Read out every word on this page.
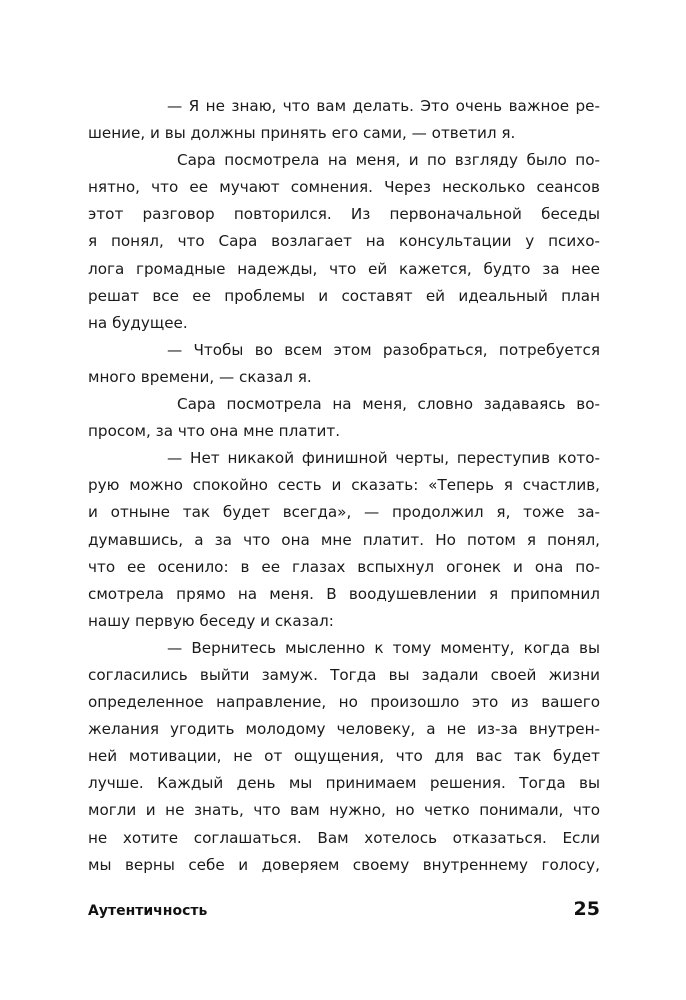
— Я не знаю, что вам делать. Это очень важное ре-
шение, и вы должны принять его сами, — ответил я.
Сара посмотрела на меня, и по взгляду было по-
нятно, что ее мучают сомнения. Через несколько сеансов
этот разговор повторился. Из первоначальной беседы
я понял, что Сара возлагает на консультации у психо-
лога громадные надежды, что ей кажется, будто за нее
решат все ее проблемы и составят ей идеальный план
на будущее.
— Чтобы во всем этом разобраться, потребуется
много времени, — сказал я.
Сара посмотрела на меня, словно задаваясь во-
просом, за что она мне платит.
— Нет никакой финишной черты, переступив кото-
рую можно спокойно сесть и сказать: «Теперь я счастлив,
и отныне так будет всегда», — продолжил я, тоже за-
думавшись, а за что она мне платит. Но потом я понял,
что ее осенило: в ее глазах вспыхнул огонек и она по-
смотрела прямо на меня. В воодушевлении я припомнил
нашу первую беседу и сказал:
— Вернитесь мысленно к тому моменту, когда вы
согласились выйти замуж. Тогда вы задали своей жизни
определенное направление, но произошло это из вашего
желания угодить молодому человеку, а не из-за внутрен-
ней мотивации, не от ощущения, что для вас так будет
лучше. Каждый день мы принимаем решения. Тогда вы
могли и не знать, что вам нужно, но четко понимали, что
не хотите соглашаться. Вам хотелось отказаться. Если
мы верны себе и доверяем своему внутреннему голосу,
Аутентичность	25
